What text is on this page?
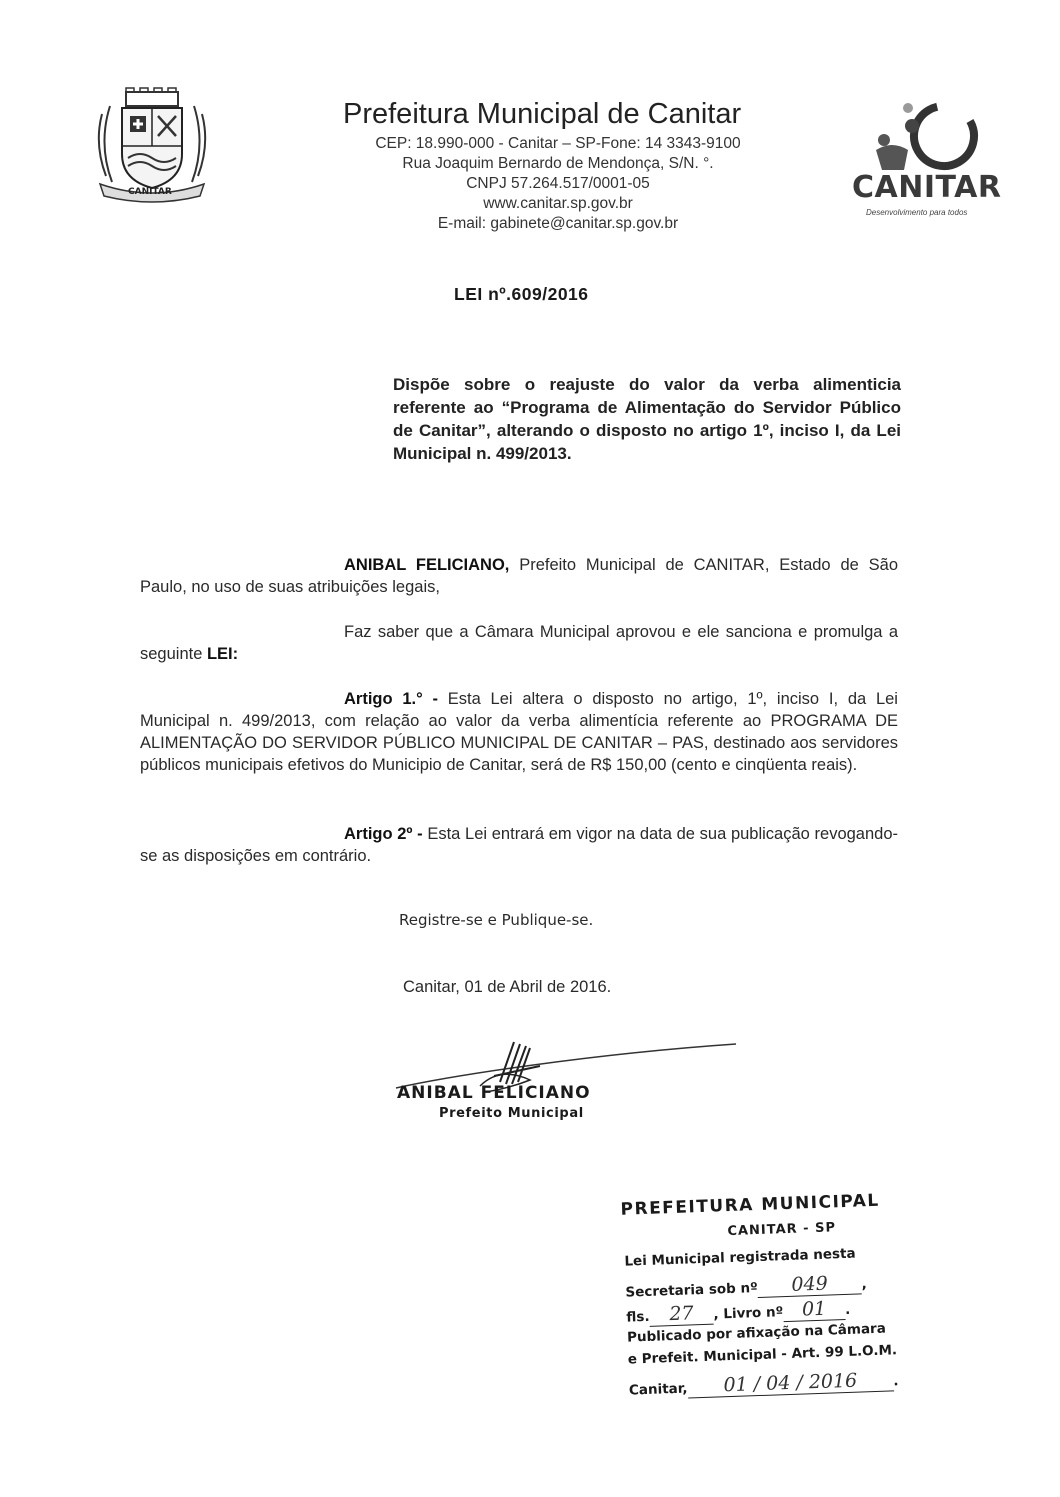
CANITAR
Prefeitura Municipal de Canitar
CEP: 18.990-000 - Canitar – SP-Fone: 14 3343-9100
Rua Joaquim Bernardo de Mendonça, S/N. °.
CNPJ 57.264.517/0001-05
www.canitar.sp.gov.br
E-mail: gabinete@canitar.sp.gov.br
CANITAR
Desenvolvimento para todos
LEI nº.609/2016
Dispõe sobre o reajuste do valor da verba alimenticia referente ao “Programa de Alimentação do Servidor Público de Canitar”, alterando o disposto no artigo 1º, inciso I, da Lei Municipal n. 499/2013.
ANIBAL FELICIANO, Prefeito Municipal de CANITAR, Estado de São Paulo, no uso de suas atribuições legais,
Faz saber que a Câmara Municipal aprovou e ele sanciona e promulga a seguinte LEI:
Artigo 1.° - Esta Lei altera o disposto no artigo, 1º, inciso I, da Lei Municipal n. 499/2013, com relação ao valor da verba alimentícia referente ao PROGRAMA DE ALIMENTAÇÃO DO SERVIDOR PÚBLICO MUNICIPAL DE CANITAR – PAS, destinado aos servidores públicos municipais efetivos do Municipio de Canitar, será de R$ 150,00 (cento e cinqüenta reais).
Artigo 2º - Esta Lei entrará em vigor na data de sua publicação revogando-se as disposições em contrário.
Registre-se e Publique-se.
Canitar, 01 de Abril de 2016.
ANIBAL FELICIANO
Prefeito Municipal
PREFEITURA MUNICIPAL
CANITAR - SP
Lei Municipal registrada nesta
Secretaria sob nº 049 ,
fls. 27 , Livro nº 01 .
Publicado por afixação na Câmara
e Prefeit. Municipal - Art. 99 L.O.M.
Canitar, 01 / 04 / 2016	.
